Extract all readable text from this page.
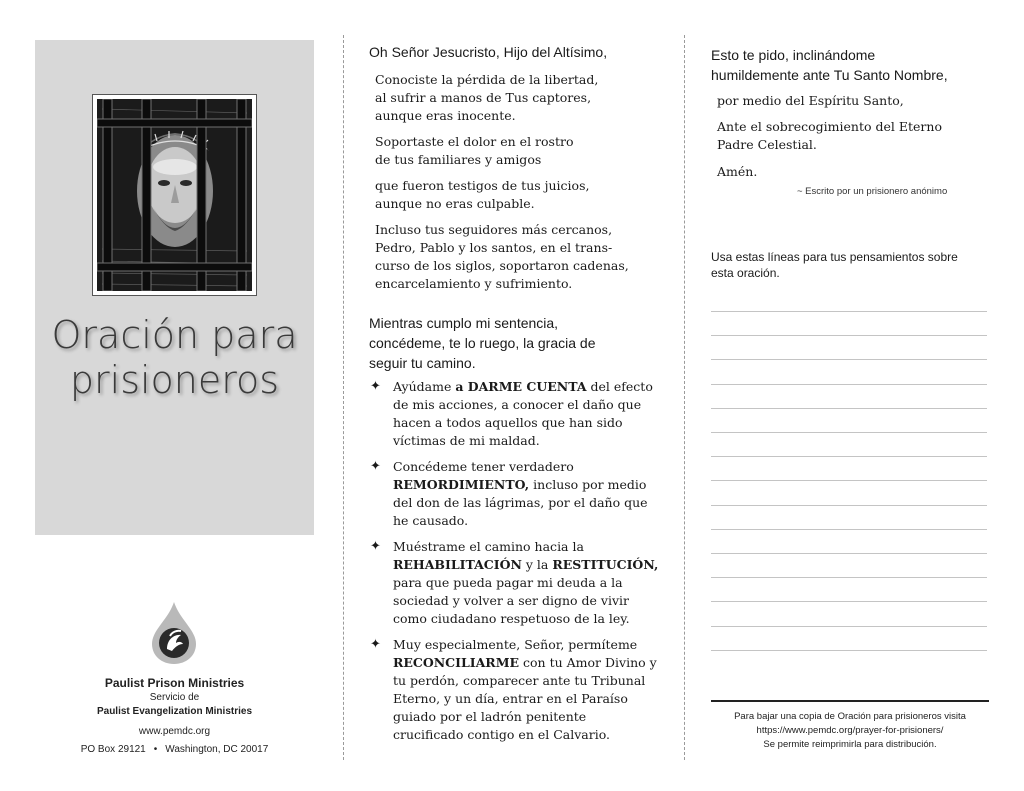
Oración para
prisioneros
Paulist Prison Ministries
Servicio de
Paulist Evangelization Ministries
www.pemdc.org
PO Box 29121 • Washington, DC 20017

Oh Señor Jesucristo, Hijo del Altísimo,

Conociste la pérdida de la libertad,
al sufrir a manos de Tus captores,
aunque eras inocente.

Soportaste el dolor en el rostro
de tus familiares y amigos

que fueron testigos de tus juicios,
aunque no eras culpable.

Incluso tus seguidores más cercanos,
Pedro, Pablo y los santos, en el trans-
curso de los siglos, soportaron cadenas,
encarcelamiento y sufrimiento.

Mientras cumplo mi sentencia,
concédeme, te lo ruego, la gracia de
seguir tu camino.

✦ Ayúdame a DARME CUENTA del efecto de mis acciones, a conocer el daño que hacen a todos aquellos que han sido víctimas de mi maldad.

✦ Concédeme tener verdadero REMORDIMIENTO, incluso por medio del don de las lágrimas, por el daño que he causado.

✦ Muéstrame el camino hacia la REHABILITACIÓN y la RESTITUCIÓN, para que pueda pagar mi deuda a la sociedad y volver a ser digno de vivir como ciudadano respetuoso de la ley.

✦ Muy especialmente, Señor, permíteme RECONCILIARME con tu Amor Divino y tu perdón, comparecer ante tu Tribunal Eterno, y un día, entrar en el Paraíso guiado por el ladrón penitente crucificado contigo en el Calvario.

Esto te pido, inclinándome
humildemente ante Tu Santo Nombre,

por medio del Espíritu Santo,

Ante el sobrecogimiento del Eterno
Padre Celestial.

Amén.

~ Escrito por un prisionero anónimo

Usa estas líneas para tus pensamientos sobre
esta oración.

Para bajar una copia de Oración para prisioneros visita
https://www.pemdc.org/prayer-for-prisioners/
Se permite reimprimirla para distribución.
